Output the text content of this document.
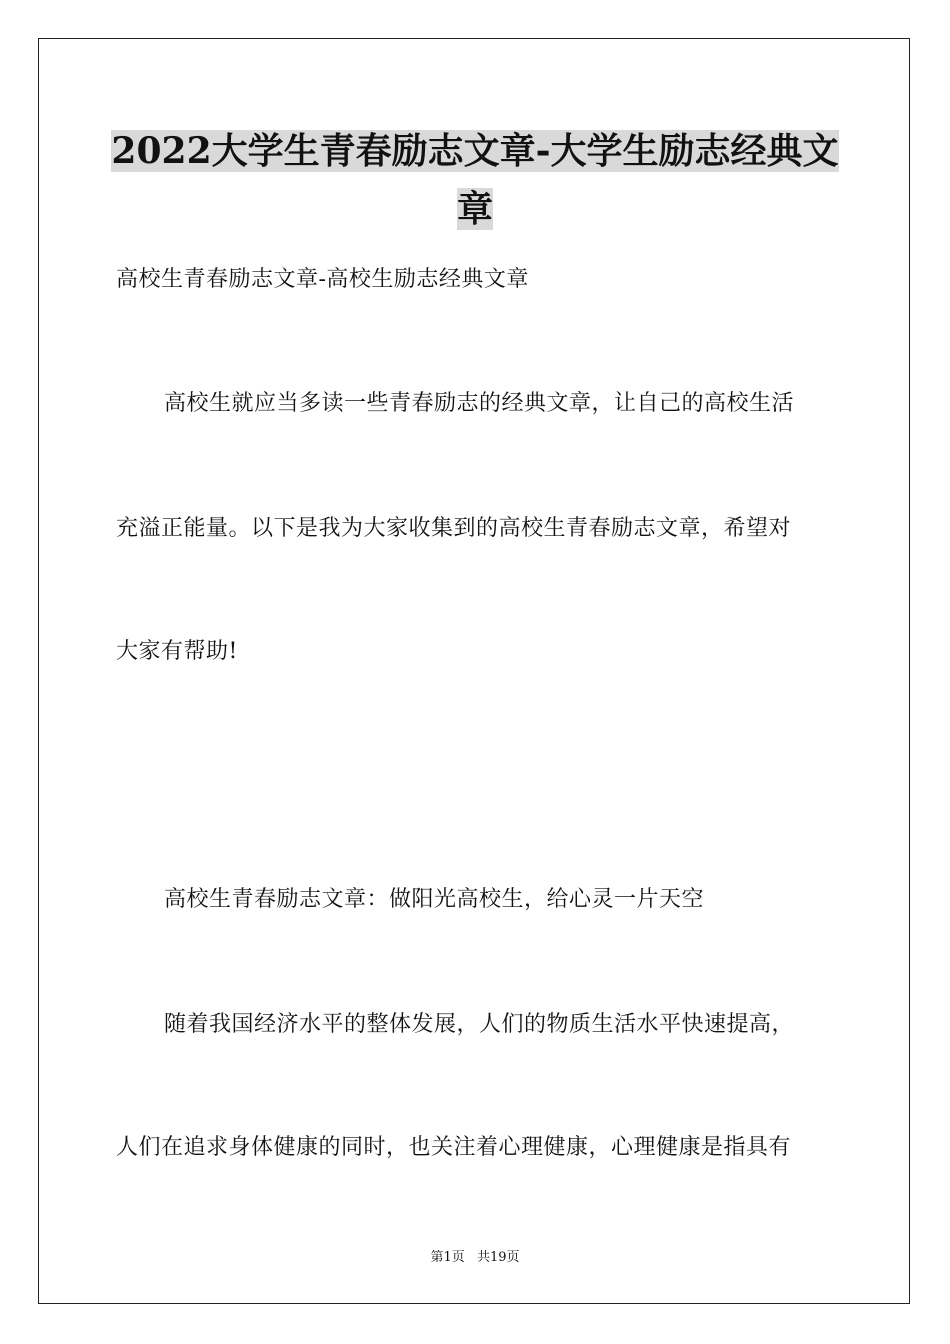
2022大学生青春励志文章-大学生励志经典文章
高校生青春励志文章-高校生励志经典文章
高校生就应当多读一些青春励志的经典文章，让自己的高校生活
充溢正能量。以下是我为大家收集到的高校生青春励志文章，希望对
大家有帮助!
高校生青春励志文章：做阳光高校生，给心灵一片天空
随着我国经济水平的整体发展，人们的物质生活水平快速提高，
人们在追求身体健康的同时，也关注着心理健康，心理健康是指具有
第1页 共19页
